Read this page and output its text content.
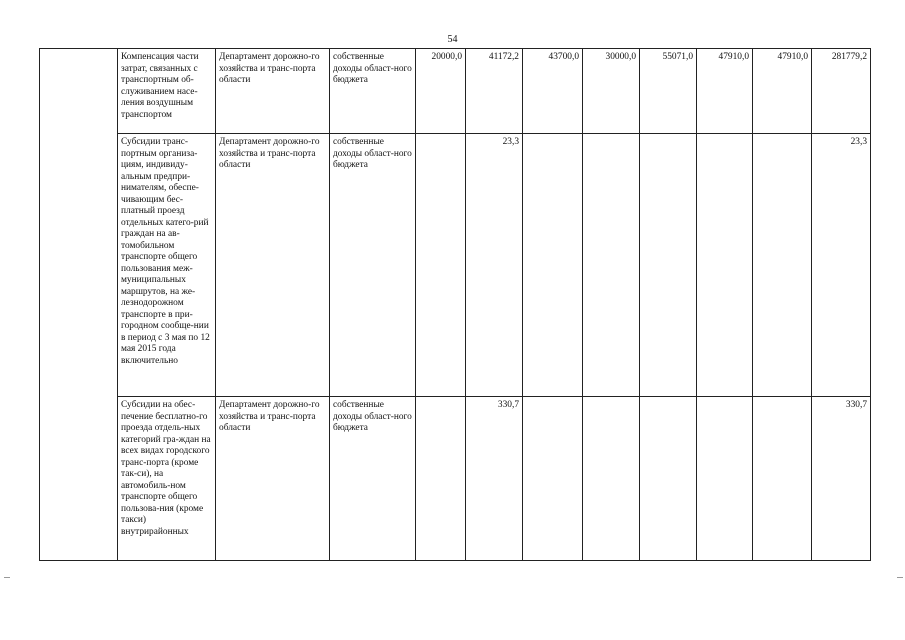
54
	Компенсация части затрат, связанных с транспортным об-служиванием насе-ления воздушным транспортом	Департамент дорожно-го хозяйства и транс-порта области	собственные доходы област-ного бюджета	20000,0	41172,2	43700,0	30000,0	55071,0	47910,0	47910,0	281779,2
	Субсидии транс-портным организа-циям, индивиду-альным предпри-нимателям, обеспе-чивающим бес-платный проезд отдельных катего-рий граждан на ав-томобильном транспорте общего пользования меж-муниципальных маршрутов, на же-лезнодорожном транспорте в при-городном сообще-нии в период с 3 мая по 12 мая 2015 года включительно	Департамент дорожно-го хозяйства и транс-порта области	собственные доходы област-ного бюджета		23,3						23,3
	Субсидии на обес-печение бесплатно-го проезда отдель-ных категорий гра-ждан на всех видах городского транс-порта (кроме так-си), на автомобиль-ном транспорте общего пользова-ния (кроме такси) внутрирайонных	Департамент дорожно-го хозяйства и транс-порта области	собственные доходы област-ного бюджета		330,7						330,7
